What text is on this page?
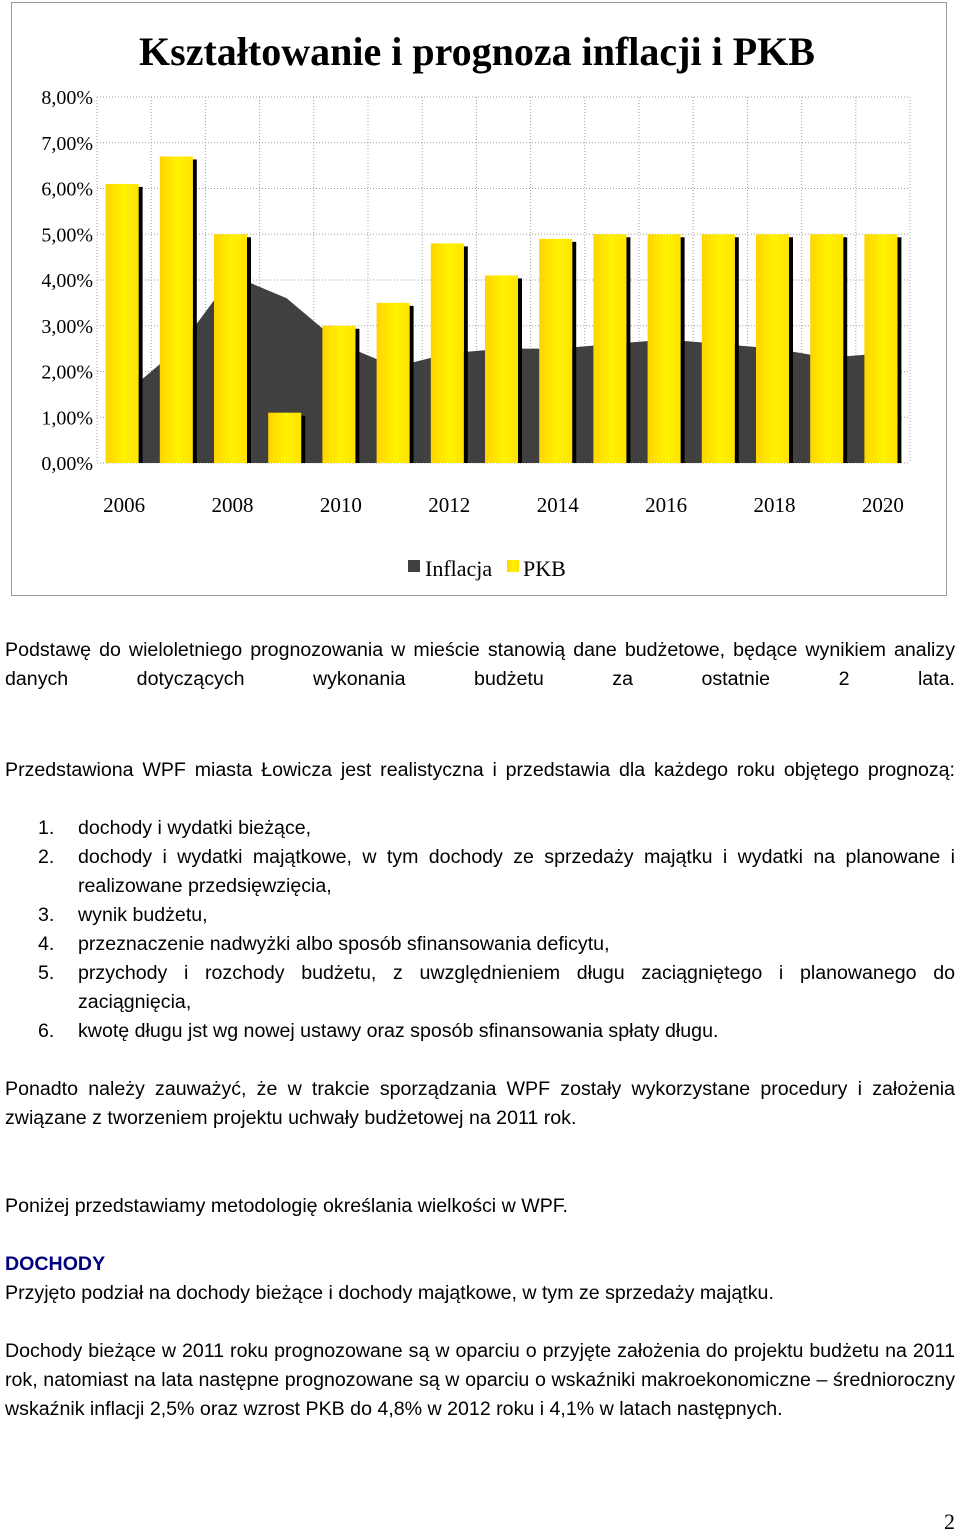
Kształtowanie i prognoza inflacji i PKB
8,00%
7,00%
6,00%
5,00%
4,00%
3,00%
2,00%
1,00%
0,00%
2006	2008	2010	2012	2014	2016	2018	2020
Inflacja PKB
Podstawę do wieloletniego prognozowania w mieście stanowią dane budżetowe, będące wynikiem analizy danych dotyczących wykonania budżetu za ostatnie 2 lata.
Przedstawiona WPF miasta Łowicza jest realistyczna i przedstawia dla każdego roku objętego prognozą:
1.	dochody i wydatki bieżące,
2.	dochody i wydatki majątkowe, w tym dochody ze sprzedaży majątku i wydatki na planowane i realizowane przedsięwzięcia,
3.	wynik budżetu,
4.	przeznaczenie nadwyżki albo sposób sfinansowania deficytu,
5.	przychody i rozchody budżetu, z uwzględnieniem długu zaciągniętego i planowanego do zaciągnięcia,
6.	kwotę długu jst wg nowej ustawy oraz sposób sfinansowania spłaty długu.
Ponadto należy zauważyć, że w trakcie sporządzania WPF zostały wykorzystane procedury i założenia związane z tworzeniem projektu uchwały budżetowej na 2011 rok.
Poniżej przedstawiamy metodologię określania wielkości w WPF.
DOCHODY
Przyjęto podział na dochody bieżące i dochody majątkowe, w tym ze sprzedaży majątku.
Dochody bieżące w 2011 roku prognozowane są w oparciu o przyjęte założenia do projektu budżetu na 2011 rok, natomiast na lata następne prognozowane są w oparciu o wskaźniki makroekonomiczne – średnioroczny wskaźnik inflacji 2,5% oraz wzrost PKB do 4,8% w 2012 roku i 4,1% w latach następnych.
2
